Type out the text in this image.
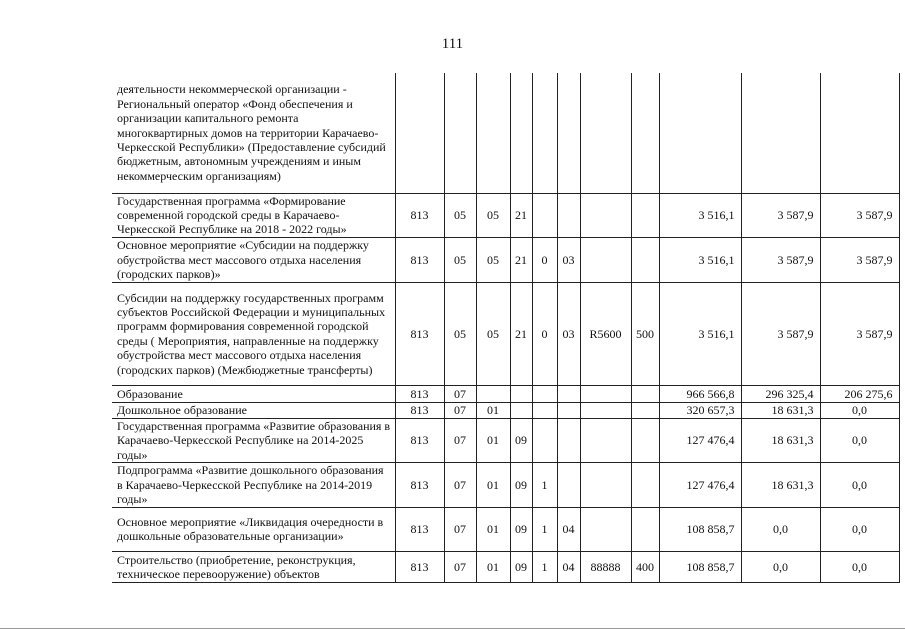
111
деятельности некоммерческой организации - Региональный оператор «Фонд обеспечения и организации капитального ремонта многоквартирных домов на территории Карачаево-Черкесской Республики» (Предоставление субсидий бюджетным, автономным учреждениям и иным некоммерческим организациям)											
Государственная программа «Формирование современной городской среды в Карачаево-Черкесской Республике на 2018 - 2022 годы»	813	05	05	21					3 516,1	3 587,9	3 587,9
Основное мероприятие «Субсидии на поддержку обустройства мест массового отдыха населения (городских парков)»	813	05	05	21	0	03			3 516,1	3 587,9	3 587,9
Субсидии на поддержку государственных программ субъектов Российской Федерации и муниципальных программ формирования современной городской среды ( Мероприятия, направленные на поддержку обустройства мест массового отдыха населения (городских парков) (Межбюджетные трансферты)	813	05	05	21	0	03	R5600	500	3 516,1	3 587,9	3 587,9
Образование	813	07							966 566,8	296 325,4	206 275,6
Дошкольное образование	813	07	01						320 657,3	18 631,3	0,0
Государственная программа «Развитие образования в Карачаево-Черкесской Республике на 2014-2025 годы»	813	07	01	09					127 476,4	18 631,3	0,0
Подпрограмма «Развитие дошкольного образования в Карачаево-Черкесской Республике на 2014-2019 годы»	813	07	01	09	1				127 476,4	18 631,3	0,0
Основное мероприятие «Ликвидация очередности в дошкольные образовательные организации»	813	07	01	09	1	04			108 858,7	0,0	0,0
Строительство (приобретение, реконструкция, техническое перевооружение) объектов	813	07	01	09	1	04	88888	400	108 858,7	0,0	0,0
